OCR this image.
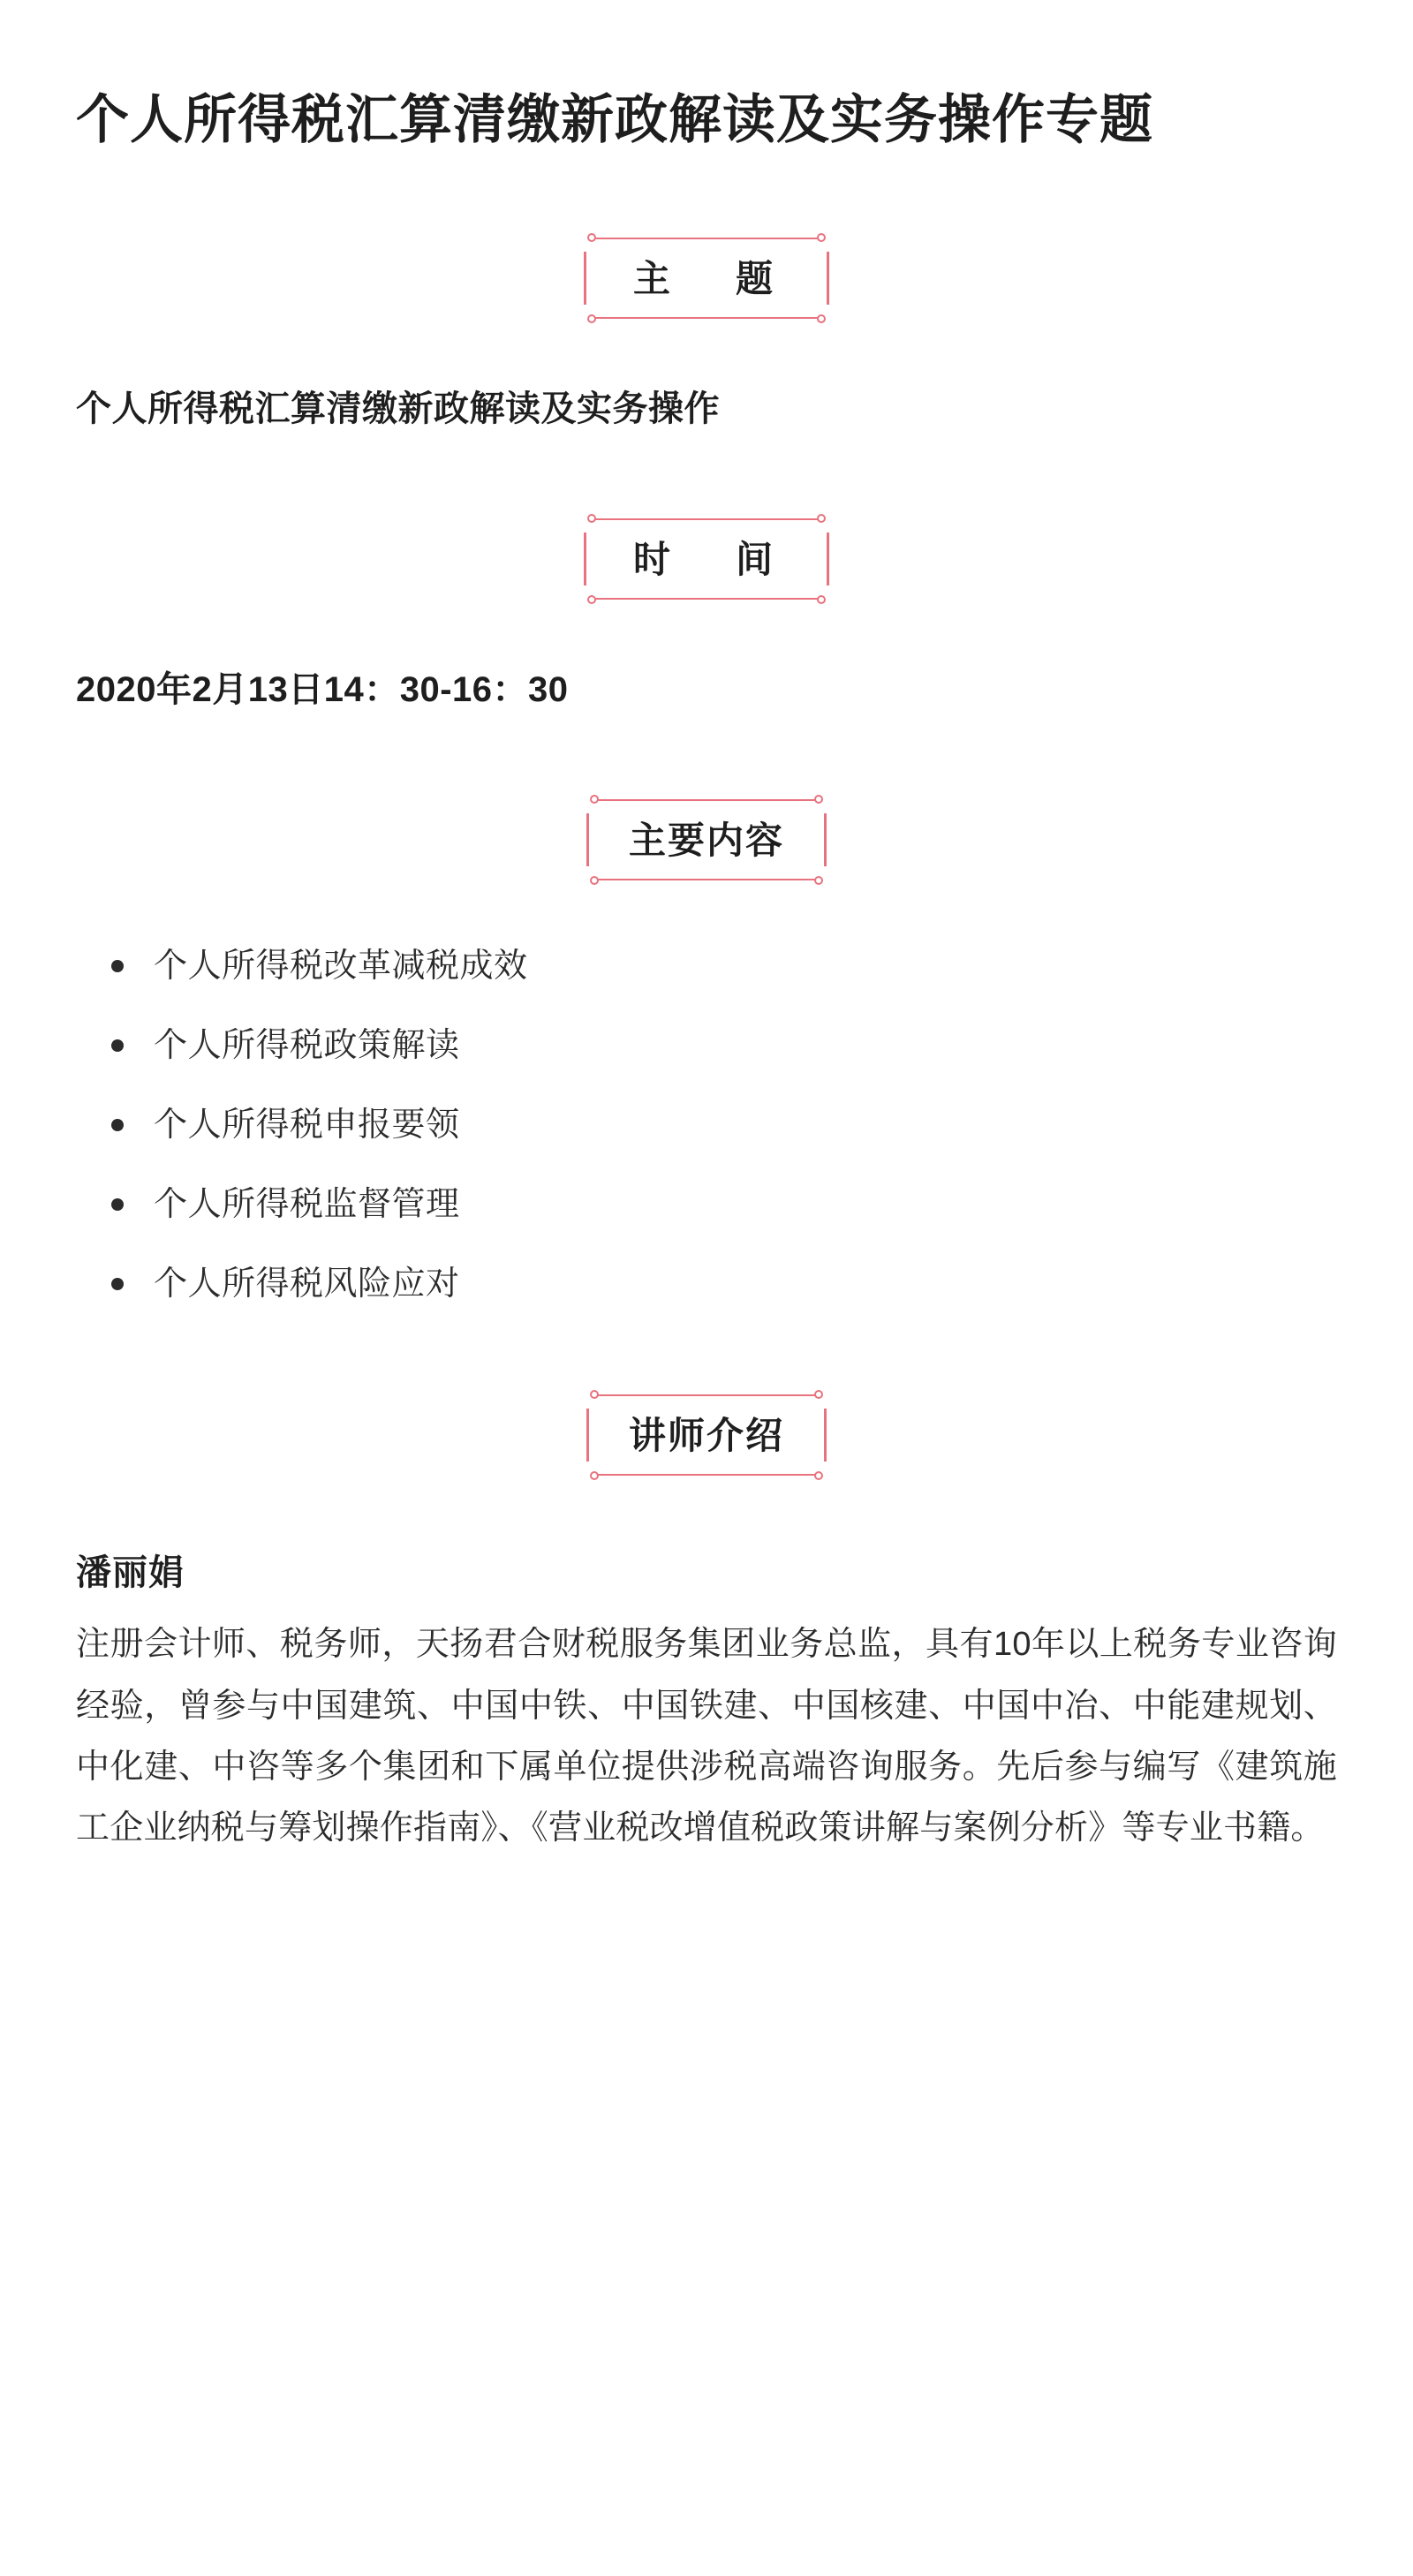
个人所得税汇算清缴新政解读及实务操作专题
主　题
个人所得税汇算清缴新政解读及实务操作
时　间
2020年2月13日14：30-16：30
主要内容
个人所得税改革减税成效
个人所得税政策解读
个人所得税申报要领
个人所得税监督管理
个人所得税风险应对
讲师介绍
潘丽娟

注册会计师、税务师，天扬君合财税服务集团业务总监，具有10年以上税务专业咨询经验，曾参与中国建筑、中国中铁、中国铁建、中国核建、中国中冶、中能建规划、中化建、中咨等多个集团和下属单位提供涉税高端咨询服务。先后参与编写《建筑施工企业纳税与筹划操作指南》、《营业税改增值税政策讲解与案例分析》等专业书籍。
